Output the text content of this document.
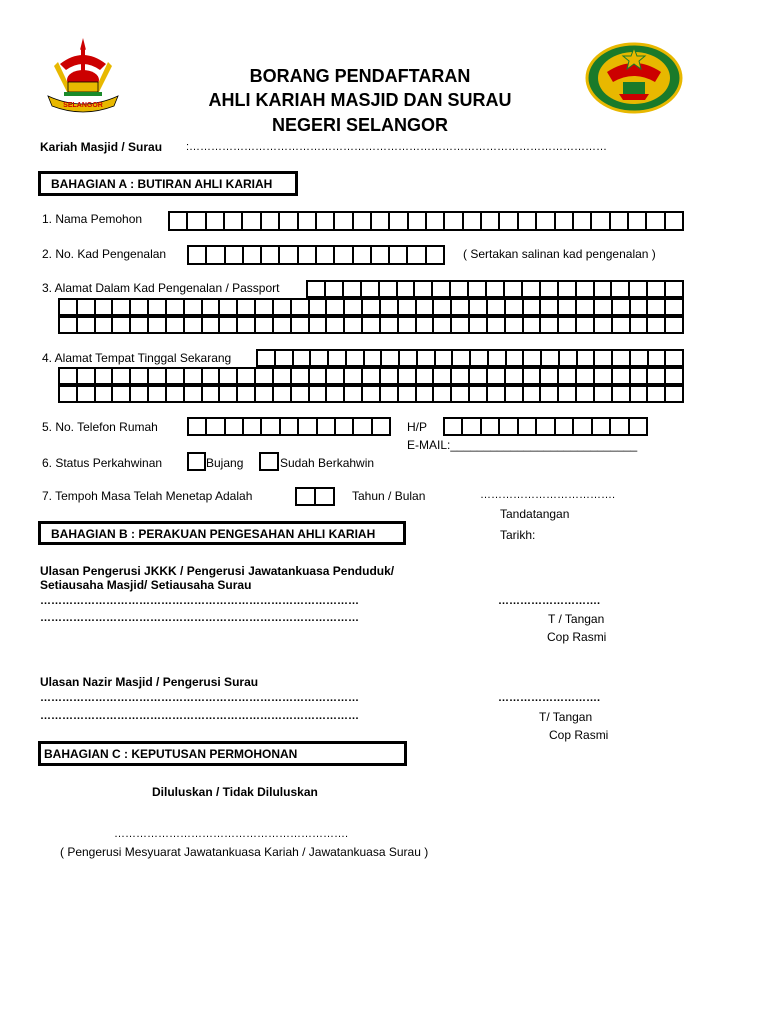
SELANGOR
BORANG PENDAFTARAN
AHLI KARIAH MASJID DAN SURAU
NEGERI SELANGOR
Kariah Masjid / Surau :……………………………………………………………………………………………………
BAHAGIAN A : BUTIRAN AHLI KARIAH
1. Nama Pemohon
2. No. Kad Pengenalan	( Sertakan salinan kad pengenalan )
3. Alamat Dalam Kad Pengenalan / Passport
4. Alamat Tempat Tinggal Sekarang
5. No. Telefon Rumah	H/P
E-MAIL:____________________________
6. Status Perkahwinan	Bujang	Sudah Berkahwin
7. Tempoh Masa Telah Menetap Adalah	Tahun / Bulan	……………………………….
Tandatangan
Tarikh:
BAHAGIAN B : PERAKUAN PENGESAHAN AHLI KARIAH
Ulasan Pengerusi JKKK / Pengerusi Jawatankuasa Penduduk/
Setiausaha Masjid/ Setiausaha Surau
……………………………………………………………………………
……………………………………………………………………………
……………………….
T / Tangan
Cop Rasmi
Ulasan Nazir Masjid / Pengerusi Surau
……………………………………………………………………………
……………………………………………………………………………
……………………….
T/ Tangan
Cop Rasmi
BAHAGIAN C : KEPUTUSAN PERMOHONAN
Diluluskan / Tidak Diluluskan
……………………………………………………….
( Pengerusi Mesyuarat Jawatankuasa Kariah / Jawatankuasa Surau )
